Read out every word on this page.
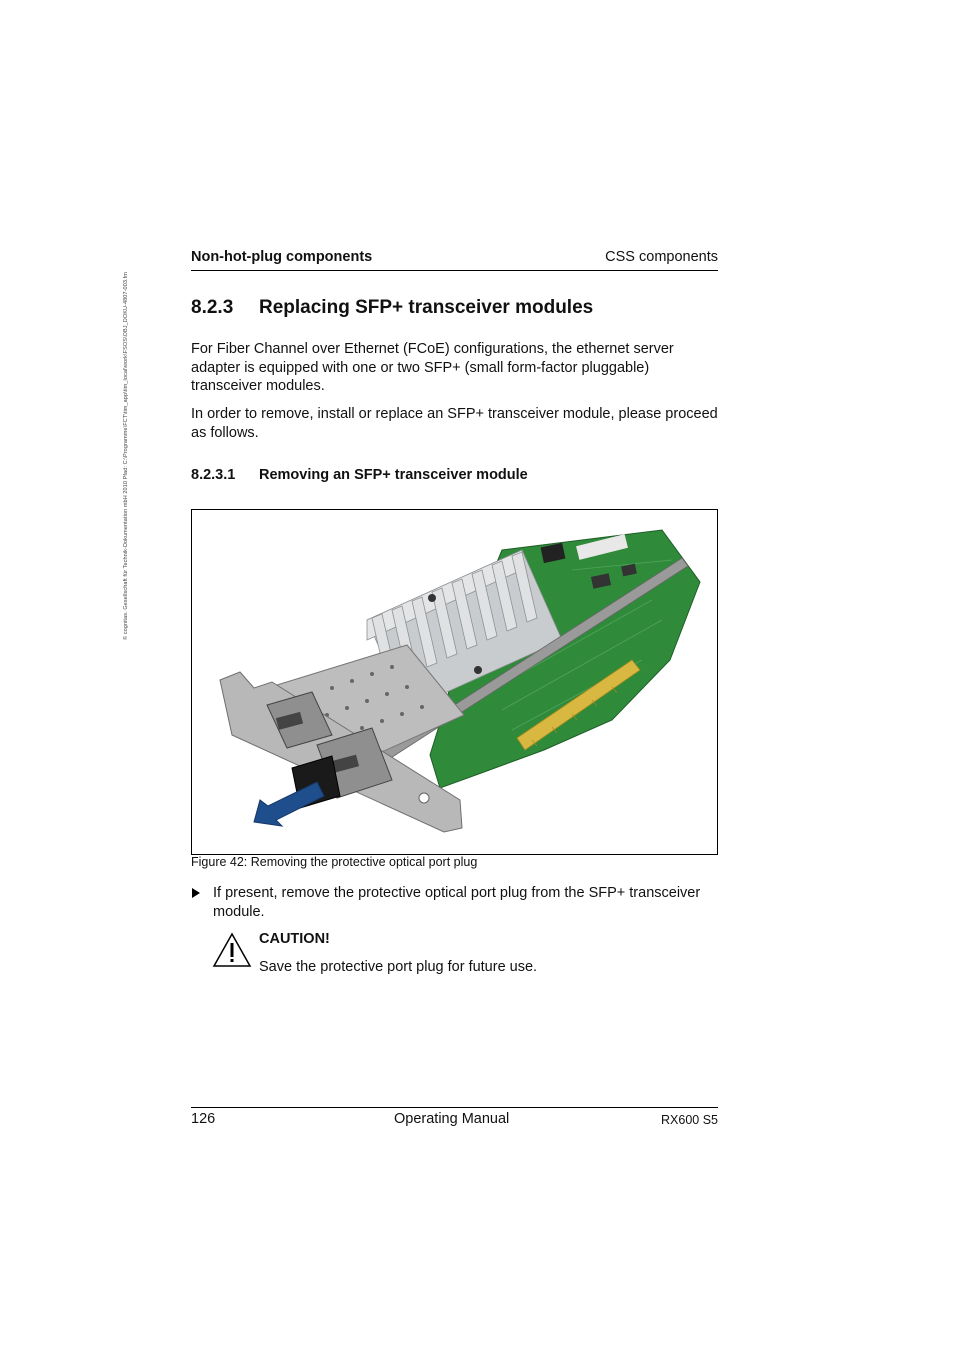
© cognitas. Gesellschaft für Technik-Dokumentation mbH 2010 Pfad: C:\Programme\FCT\tim_app\tim_local\work\FSOS\OBJ_DOKU-4807-003.fm
Non-hot-plug components	CSS components
8.2.3 Replacing SFP+ transceiver modules
For Fiber Channel over Ethernet (FCoE) configurations, the ethernet server adapter is equipped with one or two SFP+ (small form-factor pluggable) transceiver modules.
In order to remove, install or replace an SFP+ transceiver module, please proceed as follows.
8.2.3.1 Removing an SFP+ transceiver module
Figure 42: Removing the protective optical port plug
If present, remove the protective optical port plug from the SFP+ transceiver module.
CAUTION!
Save the protective port plug for future use.
126	Operating Manual	RX600 S5
